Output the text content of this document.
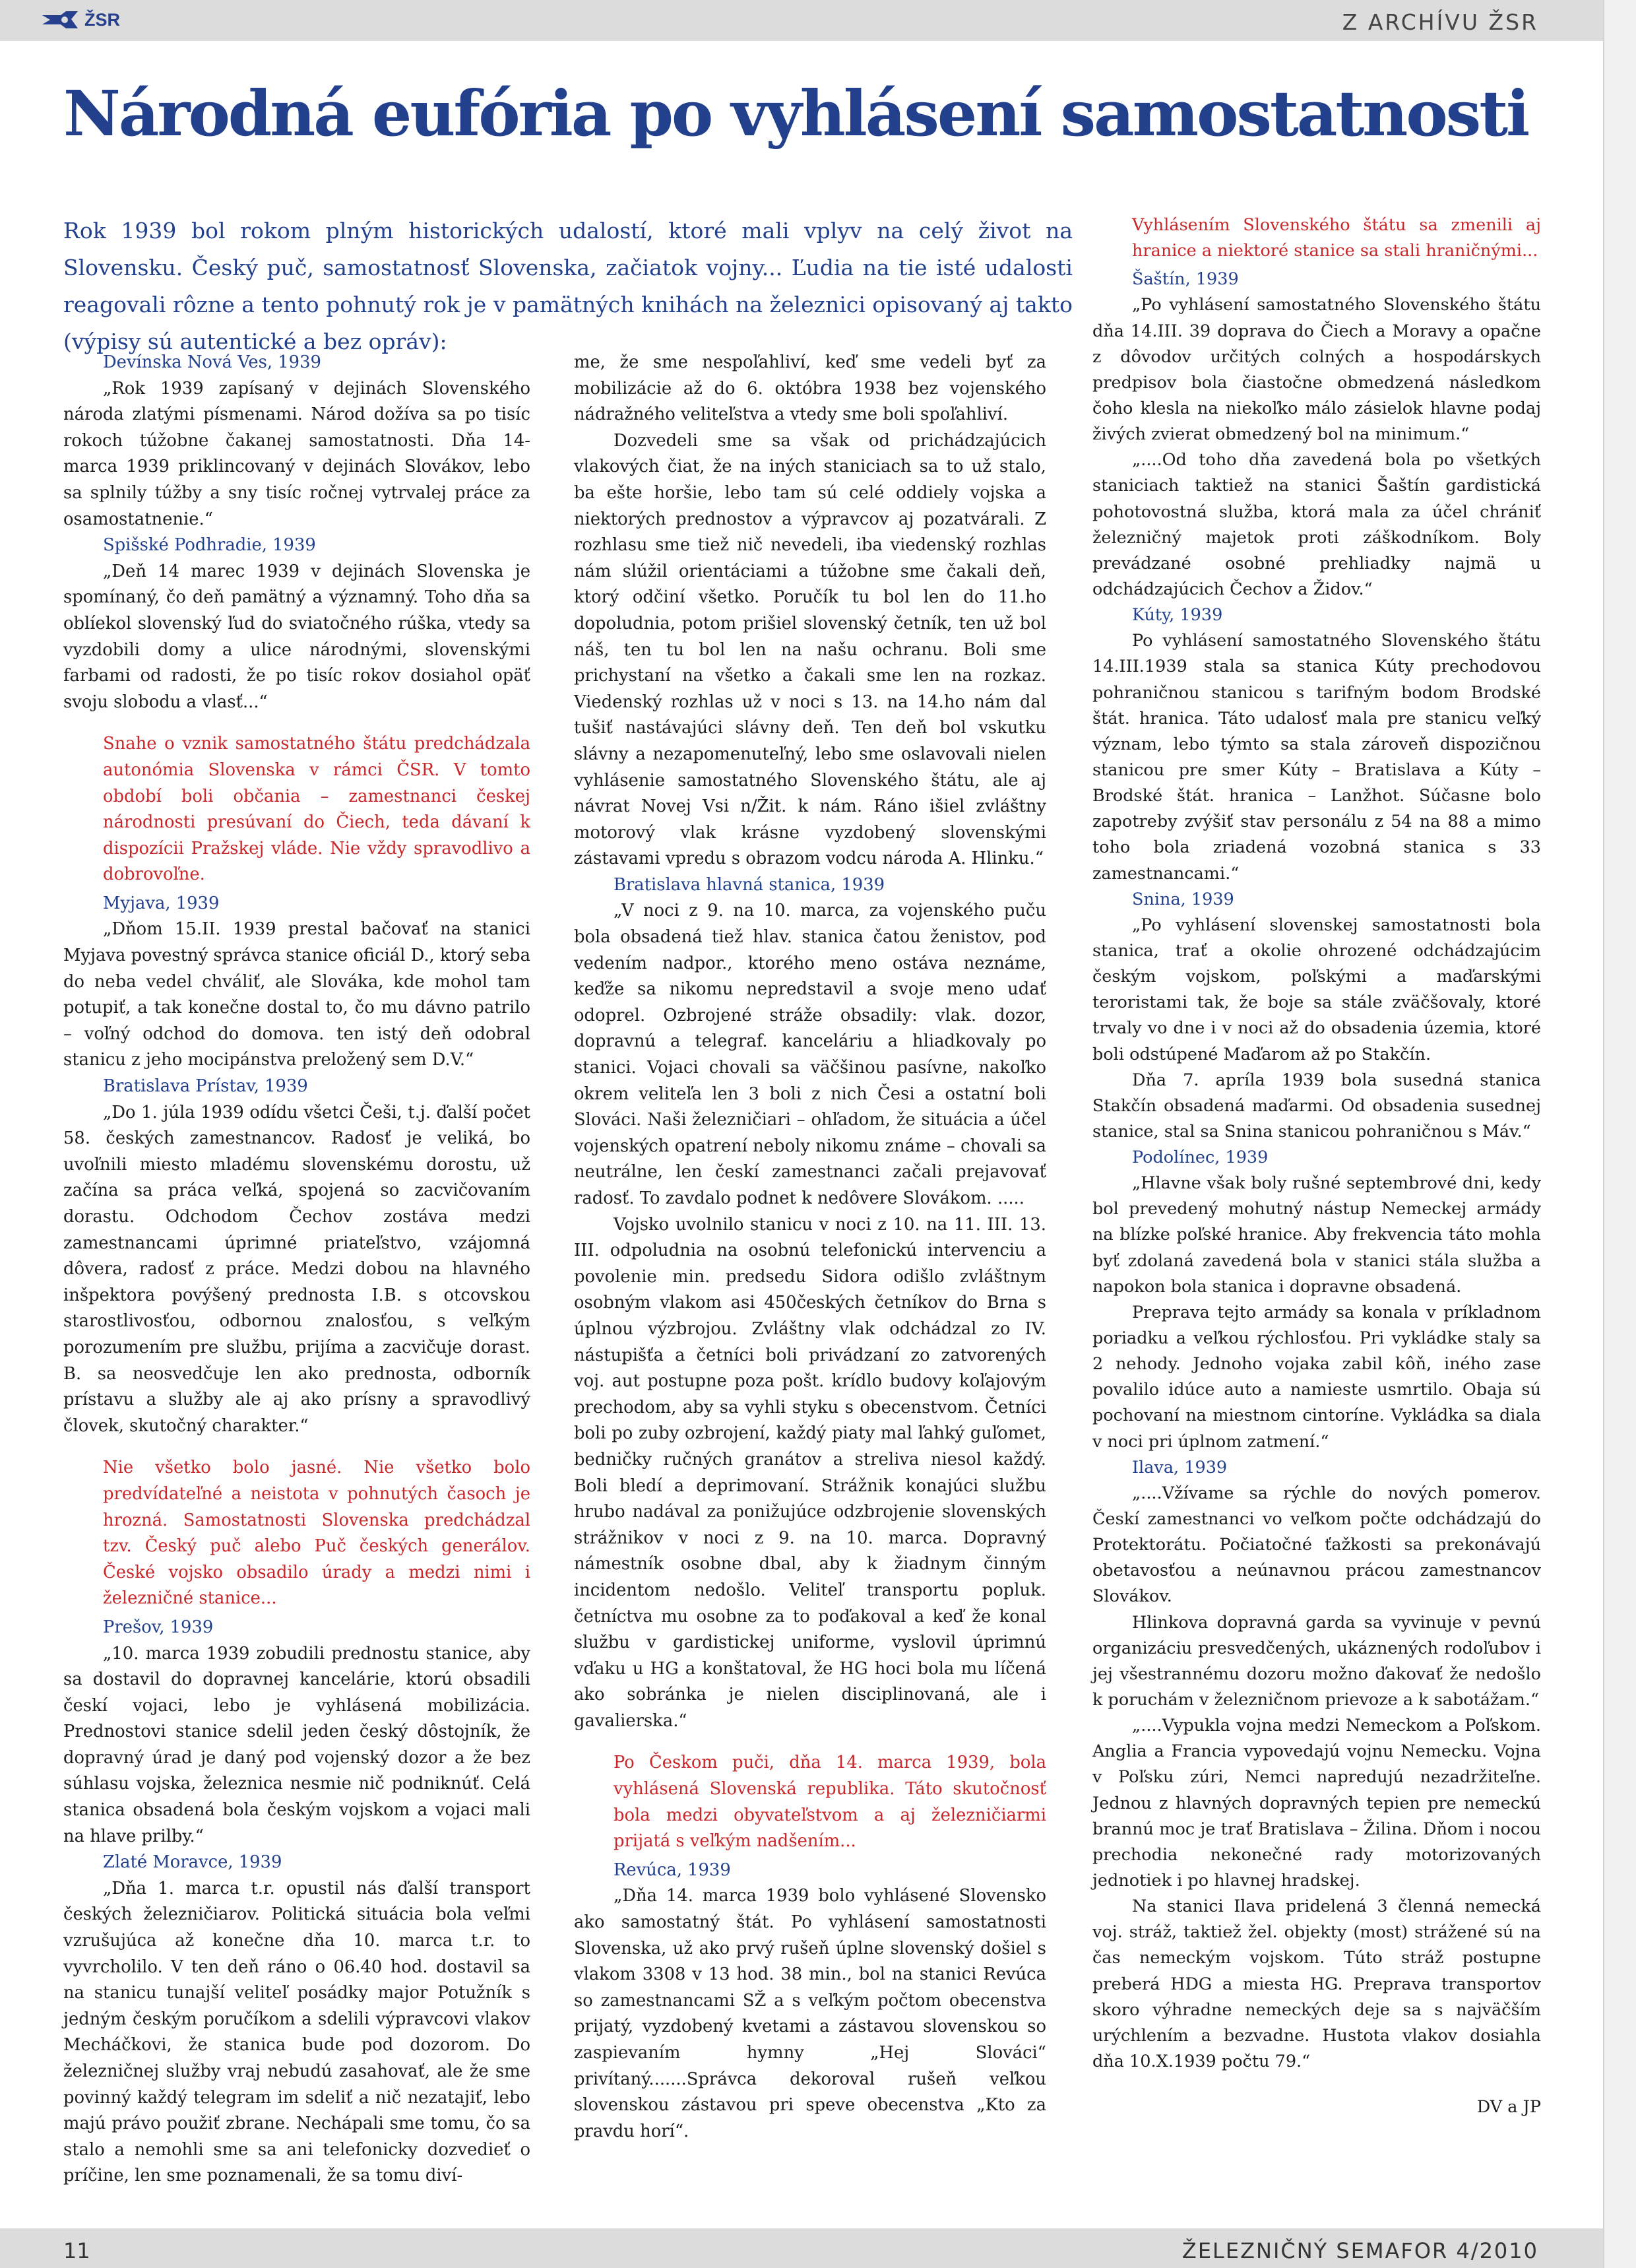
ŽSR	Z ARCHÍVU ŽSR
Národná eufória po vyhlásení samostatnosti
Rok 1939 bol rokom plným historických udalostí, ktoré mali vplyv na celý život na Slovensku. Český puč, samostatnosť Slovenska, začiatok vojny... Ľudia na tie isté udalosti reagovali rôzne a tento pohnutý rok je v pamätných knihách na železnici opisovaný aj takto (výpisy sú autentické a bez opráv):

Devínska Nová Ves, 1939

„Rok 1939 zapísaný v dejinách Slovenského národa zlatými písmenami. Národ dožíva sa po tisíc rokoch túžobne čakanej samostatnosti. Dňa 14- marca 1939 priklincovaný v dejinách Slovákov, lebo sa splnily túžby a sny tisíc ročnej vytrvalej práce za osamostatnenie.“

Spišské Podhradie, 1939

„Deň 14 marec 1939 v dejinách Slovenska je spomínaný, čo deň pamätný a významný. Toho dňa sa oblíekol slovenský ľud do sviatočného rúška, vtedy sa vyzdobili domy a ulice národnými, slovenskými farbami od radosti, že po tisíc rokov dosiahol opäť svoju slobodu a vlasť...“

Snahe o vznik samostatného štátu predchádzala autonómia Slovenska v rámci ČSR. V tomto období boli občania – zamestnanci českej národnosti presúvaní do Čiech, teda dávaní k dispozícii Pražskej vláde. Nie vždy spravodlivo a dobrovoľne.

Myjava, 1939

„Dňom 15.II. 1939 prestal bačovať na stanici Myjava povestný správca stanice oficiál D., ktorý seba do neba vedel chváliť, ale Slováka, kde mohol tam potupiť, a tak konečne dostal to, čo mu dávno patrilo – voľný odchod do domova. ten istý deň odobral stanicu z jeho mocipánstva preložený sem D.V.“

Bratislava Prístav, 1939

„Do 1. júla 1939 odídu všetci Češi, t.j. ďalší počet 58. českých zamestnancov. Radosť je veliká, bo uvoľnili miesto mladému slovenskému dorostu, už začína sa práca veľká, spojená so zacvičovaním dorastu. Odchodom Čechov zostáva medzi zamestnancami úprimné priateľstvo, vzájomná dôvera, radosť z práce. Medzi dobou na hlavného inšpektora povýšený prednosta I.B. s otcovskou starostlivosťou, odbornou znalosťou, s veľkým porozumením pre službu, prijíma a zacvičuje dorast. B. sa neosvedčuje len ako prednosta, odborník prístavu a služby ale aj ako prísny a spravodlivý človek, skutočný charakter.“

Nie všetko bolo jasné. Nie všetko bolo predvídateľné a neistota v pohnutých časoch je hrozná. Samostatnosti Slovenska predchádzal tzv. Český puč alebo Puč českých generálov. České vojsko obsadilo úrady a medzi nimi i železničné stanice...

Prešov, 1939

„10. marca 1939 zobudili prednostu stanice, aby sa dostavil do dopravnej kancelárie, ktorú obsadili českí vojaci, lebo je vyhlásená mobilizácia. Prednostovi stanice sdelil jeden český dôstojník, že dopravný úrad je daný pod vojenský dozor a že bez súhlasu vojska, železnica nesmie nič podniknúť. Celá stanica obsadená bola českým vojskom a vojaci mali na hlave prilby.“

Zlaté Moravce, 1939

„Dňa 1. marca t.r. opustil nás ďalší transport českých železničiarov. Politická situácia bola veľmi vzrušujúca až konečne dňa 10. marca t.r. to vyvrcholilo. V ten deň ráno o 06.40 hod. dostavil sa na stanicu tunajší veliteľ posádky major Potužník s jedným českým poručíkom a sdelili výpravcovi vlakov Mecháčkovi, že stanica bude pod dozorom. Do železničnej služby vraj nebudú zasahovať, ale že sme povinný každý telegram im sdeliť a nič nezatajiť, lebo majú právo použiť zbrane. Nechápali sme tomu, čo sa stalo a nemohli sme sa ani telefonicky dozvedieť o príčine, len sme poznamenali, že sa tomu diví-

me, že sme nespoľahliví, keď sme vedeli byť za mobilizácie až do 6. októbra 1938 bez vojenského nádražného veliteľstva a vtedy sme boli spoľahliví.

Dozvedeli sme sa však od prichádzajúcich vlakových čiat, že na iných staniciach sa to už stalo, ba ešte horšie, lebo tam sú celé oddiely vojska a niektorých prednostov a výpravcov aj pozatvárali. Z rozhlasu sme tiež nič nevedeli, iba viedenský rozhlas nám slúžil orientáciami a túžobne sme čakali deň, ktorý odčiní všetko. Poručík tu bol len do 11.ho dopoludnia, potom prišiel slovenský četník, ten už bol náš, ten tu bol len na našu ochranu. Boli sme prichystaní na všetko a čakali sme len na rozkaz. Viedenský rozhlas už v noci s 13. na 14.ho nám dal tušiť nastávajúci slávny deň. Ten deň bol vskutku slávny a nezapomenuteľný, lebo sme oslavovali nielen vyhlásenie samostatného Slovenského štátu, ale aj návrat Novej Vsi n/Žit. k nám. Ráno išiel zvláštny motorový vlak krásne vyzdobený slovenskými zástavami vpredu s obrazom vodcu národa A. Hlinku.“

Bratislava hlavná stanica, 1939

„V noci z 9. na 10. marca, za vojenského puču bola obsadená tiež hlav. stanica čatou ženistov, pod vedením nadpor., ktorého meno ostáva neznáme, keďže sa nikomu nepredstavil a svoje meno udať odoprel. Ozbrojené stráže obsadily: vlak. dozor, dopravnú a telegraf. kanceláriu a hliadkovaly po stanici. Vojaci chovali sa väčšinou pasívne, nakoľko okrem veliteľa len 3 boli z nich Česi a ostatní boli Slováci. Naši železničiari – ohľadom, že situácia a účel vojenských opatrení neboly nikomu známe – chovali sa neutrálne, len českí zamestnanci začali prejavovať radosť. To zavdalo podnet k nedôvere Slovákom. .....

Vojsko uvolnilo stanicu v noci z 10. na 11. III. 13. III. odpoludnia na osobnú telefonickú intervenciu a povolenie min. predsedu Sidora odišlo zvláštnym osobným vlakom asi 450českých četníkov do Brna s úplnou výzbrojou. Zvláštny vlak odchádzal zo IV. nástupišťa a četníci boli privádzaní zo zatvorených voj. aut postupne poza pošt. krídlo budovy koľajovým prechodom, aby sa vyhli styku s obecenstvom. Četníci boli po zuby ozbrojení, každý piaty mal ľahký guľomet, bedničky ručných granátov a streliva niesol každý. Boli bledí a deprimovaní. Strážnik konajúci službu hrubo nadával za ponižujúce odzbrojenie slovenských strážnikov v noci z 9. na 10. marca. Dopravný námestník osobne dbal, aby k žiadnym činným incidentom nedošlo. Veliteľ transportu popluk. četníctva mu osobne za to poďakoval a keď že konal službu v gardistickej uniforme, vyslovil úprimnú vďaku u HG a konštatoval, že HG hoci bola mu líčená ako sobránka je nielen disciplinovaná, ale i gavalierska.“

Po Českom puči, dňa 14. marca 1939, bola vyhlásená Slovenská republika. Táto skutočnosť bola medzi obyvateľstvom a aj železničiarmi prijatá s veľkým nadšením...

Revúca, 1939

„Dňa 14. marca 1939 bolo vyhlásené Slovensko ako samostatný štát. Po vyhlásení samostatnosti Slovenska, už ako prvý rušeň úplne slovenský došiel s vlakom 3308 v 13 hod. 38 min., bol na stanici Revúca so zamestnancami SŽ a s veľkým počtom obecenstva prijatý, vyzdobený kvetami a zástavou slovenskou so zaspievaním hymny „Hej Slováci“ privítaný.......Správca dekoroval rušeň veľkou slovenskou zástavou pri speve obecenstva „Kto za pravdu horí“.

Vyhlásením Slovenského štátu sa zmenili aj hranice a niektoré stanice sa stali hraničnými...

Šaštín, 1939

„Po vyhlásení samostatného Slovenského štátu dňa 14.III. 39 doprava do Čiech a Moravy a opačne z dôvodov určitých colných a hospodárskych predpisov bola čiastočne obmedzená následkom čoho klesla na niekoľko málo zásielok hlavne podaj živých zvierat obmedzený bol na minimum.“

„....Od toho dňa zavedená bola po všetkých staniciach taktiež na stanici Šaštín gardistická pohotovostná služba, ktorá mala za účel chrániť železničný majetok proti záškodníkom. Boly prevádzané osobné prehliadky najmä u odchádzajúcich Čechov a Židov.“

Kúty, 1939

Po vyhlásení samostatného Slovenského štátu 14.III.1939 stala sa stanica Kúty prechodovou pohraničnou stanicou s tarifným bodom Brodské štát. hranica. Táto udalosť mala pre stanicu veľký význam, lebo týmto sa stala zároveň dispozičnou stanicou pre smer Kúty – Bratislava a Kúty – Brodské štát. hranica – Lanžhot. Súčasne bolo zapotreby zvýšiť stav personálu z 54 na 88 a mimo toho bola zriadená vozobná stanica s 33 zamestnancami.“

Snina, 1939

„Po vyhlásení slovenskej samostatnosti bola stanica, trať a okolie ohrozené odchádzajúcim českým vojskom, poľskými a maďarskými teroristami tak, že boje sa stále zväčšovaly, ktoré trvaly vo dne i v noci až do obsadenia územia, ktoré boli odstúpené Maďarom až po Stakčín.

Dňa 7. apríla 1939 bola susedná stanica Stakčín obsadená maďarmi. Od obsadenia susednej stanice, stal sa Snina stanicou pohraničnou s Máv.“

Podolínec, 1939

„Hlavne však boly rušné septembrové dni, kedy bol prevedený mohutný nástup Nemeckej armády na blízke poľské hranice. Aby frekvencia táto mohla byť zdolaná zavedená bola v stanici stála služba a napokon bola stanica i dopravne obsadená.

Preprava tejto armády sa konala v príkladnom poriadku a veľkou rýchlosťou. Pri vykládke staly sa 2 nehody. Jednoho vojaka zabil kôň, iného zase povalilo idúce auto a namieste usmrtilo. Obaja sú pochovaní na miestnom cintoríne. Vykládka sa diala v noci pri úplnom zatmení.“

Ilava, 1939

„....Vžívame sa rýchle do nových pomerov. Českí zamestnanci vo veľkom počte odchádzajú do Protektorátu. Počiatočné ťažkosti sa prekonávajú obetavosťou a neúnavnou prácou zamestnancov Slovákov.

Hlinkova dopravná garda sa vyvinuje v pevnú organizáciu presvedčených, ukáznených rodoľubov i jej všestrannému dozoru možno ďakovať že nedošlo k poruchám v železničnom prievoze a k sabotážam.“

„....Vypukla vojna medzi Nemeckom a Poľskom. Anglia a Francia vypovedajú vojnu Nemecku. Vojna v Poľsku zúri, Nemci napredujú nezadržiteľne. Jednou z hlavných dopravných tepien pre nemeckú brannú moc je trať Bratislava – Žilina. Dňom i nocou prechodia nekonečné rady motorizovaných jednotiek i po hlavnej hradskej.

Na stanici Ilava pridelená 3 členná nemecká voj. stráž, taktiež žel. objekty (most) strážené sú na čas nemeckým vojskom. Túto stráž postupne preberá HDG a miesta HG. Preprava transportov skoro výhradne nemeckých deje sa s najväčším urýchlením a bezvadne. Hustota vlakov dosiahla dňa 10.X.1939 počtu 79.“

DV a JP

11	ŽELEZNIČNÝ SEMAFOR 4/2010
